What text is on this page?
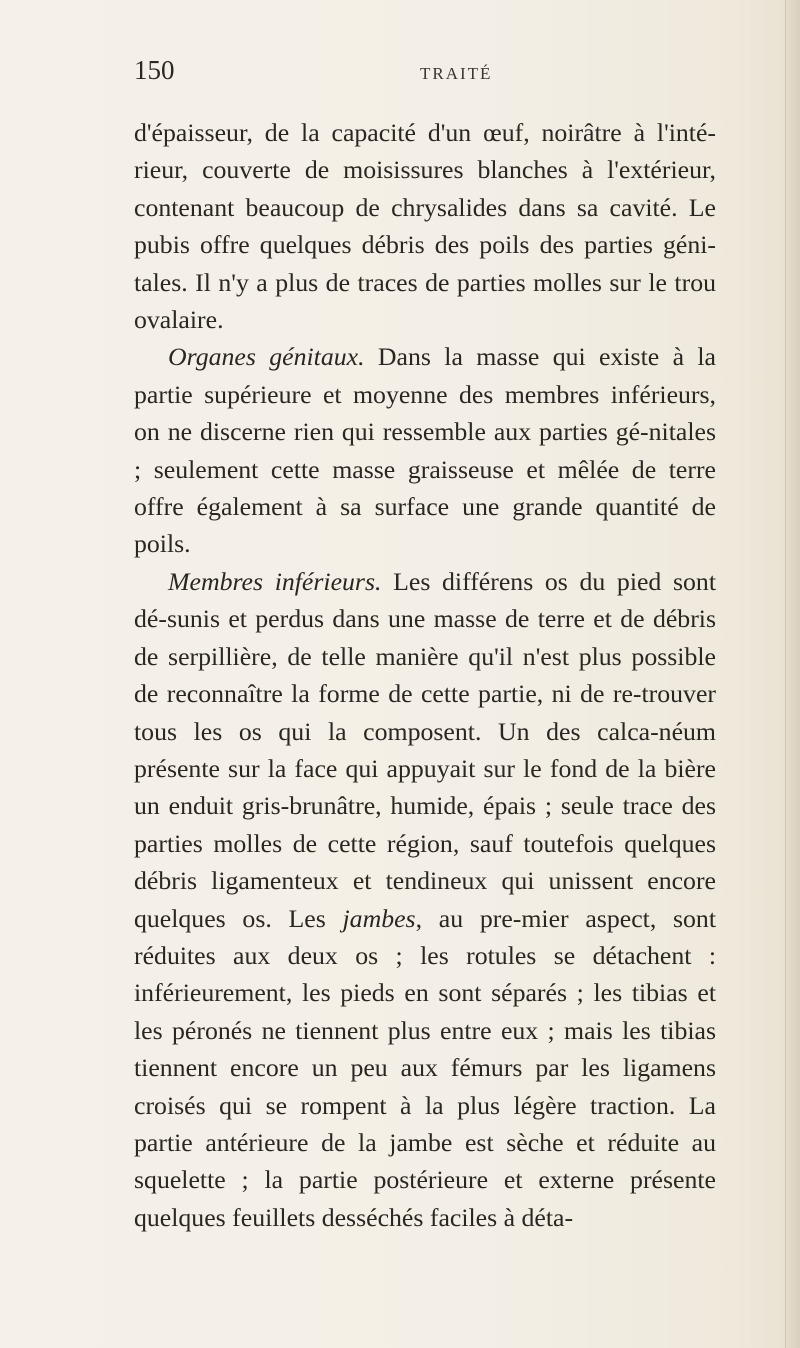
150	TRAITÉ

d'épaisseur, de la capacité d'un œuf, noirâtre à l'inté-rieur, couverte de moisissures blanches à l'extérieur, contenant beaucoup de chrysalides dans sa cavité. Le pubis offre quelques débris des poils des parties géni-tales. Il n'y a plus de traces de parties molles sur le trou ovalaire.

Organes génitaux. Dans la masse qui existe à la partie supérieure et moyenne des membres inférieurs, on ne discerne rien qui ressemble aux parties gé-nitales ; seulement cette masse graisseuse et mêlée de terre offre également à sa surface une grande quantité de poils.

Membres inférieurs. Les différens os du pied sont dé-sunis et perdus dans une masse de terre et de débris de serpillière, de telle manière qu'il n'est plus possible de reconnaître la forme de cette partie, ni de re-trouver tous les os qui la composent. Un des calca-néum présente sur la face qui appuyait sur le fond de la bière un enduit gris-brunâtre, humide, épais ; seule trace des parties molles de cette région, sauf toutefois quelques débris ligamenteux et tendineux qui unissent encore quelques os. Les jambes, au pre-mier aspect, sont réduites aux deux os ; les rotules se détachent : inférieurement, les pieds en sont séparés ; les tibias et les péronés ne tiennent plus entre eux ; mais les tibias tiennent encore un peu aux fémurs par les ligamens croisés qui se rompent à la plus légère traction. La partie antérieure de la jambe est sèche et réduite au squelette ; la partie postérieure et externe présente quelques feuillets desséchés faciles à déta-
